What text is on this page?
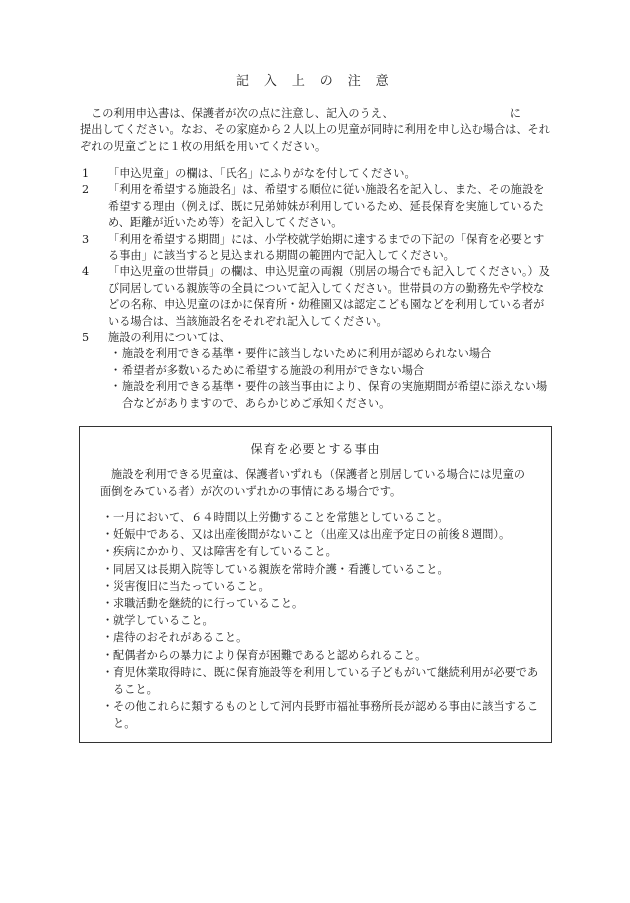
記 入 上 の 注 意
この利用申込書は、保護者が次の点に注意し、記入のうえ、	に
提出してください。なお、その家庭から２人以上の児童が同時に利用を申し込む場合は、それぞれの児童ごとに１枚の用紙を用いてください。
1	「申込児童」の欄は、「氏名」にふりがなを付してください。
2	「利用を希望する施設名」は、希望する順位に従い施設名を記入し、また、その施設を希望する理由（例えば、既に兄弟姉妹が利用しているため、延長保育を実施しているため、距離が近いため等）を記入してください。
3	「利用を希望する期間」には、小学校就学始期に達するまでの下記の「保育を必要とする事由」に該当すると見込まれる期間の範囲内で記入してください。
4	「申込児童の世帯員」の欄は、申込児童の両親（別居の場合でも記入してください。）及び同居している親族等の全員について記入してください。世帯員の方の勤務先や学校などの名称、申込児童のほかに保育所・幼稚園又は認定こども園などを利用している者がいる場合は、当該施設名をそれぞれ記入してください。
5	施設の利用については、
・ 施設を利用できる基準・要件に該当しないために利用が認められない場合
・ 希望者が多数いるために希望する施設の利用ができない場合
・ 施設を利用できる基準・要件の該当事由により、保育の実施期間が希望に添えない場合などがありますので、あらかじめご承知ください。
保育を必要とする事由
施設を利用できる児童は、保護者いずれも（保護者と別居している場合には児童の面倒をみている者）が次のいずれかの事情にある場合です。
・ 一月において、６４時間以上労働することを常態としていること。
・ 妊娠中である、又は出産後間がないこと（出産又は出産予定日の前後８週間）。
・ 疾病にかかり、又は障害を有していること。
・ 同居又は長期入院等している親族を常時介護・看護していること。
・ 災害復旧に当たっていること。
・ 求職活動を継続的に行っていること。
・ 就学していること。
・ 虐待のおそれがあること。
・ 配偶者からの暴力により保育が困難であると認められること。
・ 育児休業取得時に、既に保育施設等を利用している子どもがいて継続利用が必要であること。
・ その他これらに類するものとして河内長野市福祉事務所長が認める事由に該当すること。
